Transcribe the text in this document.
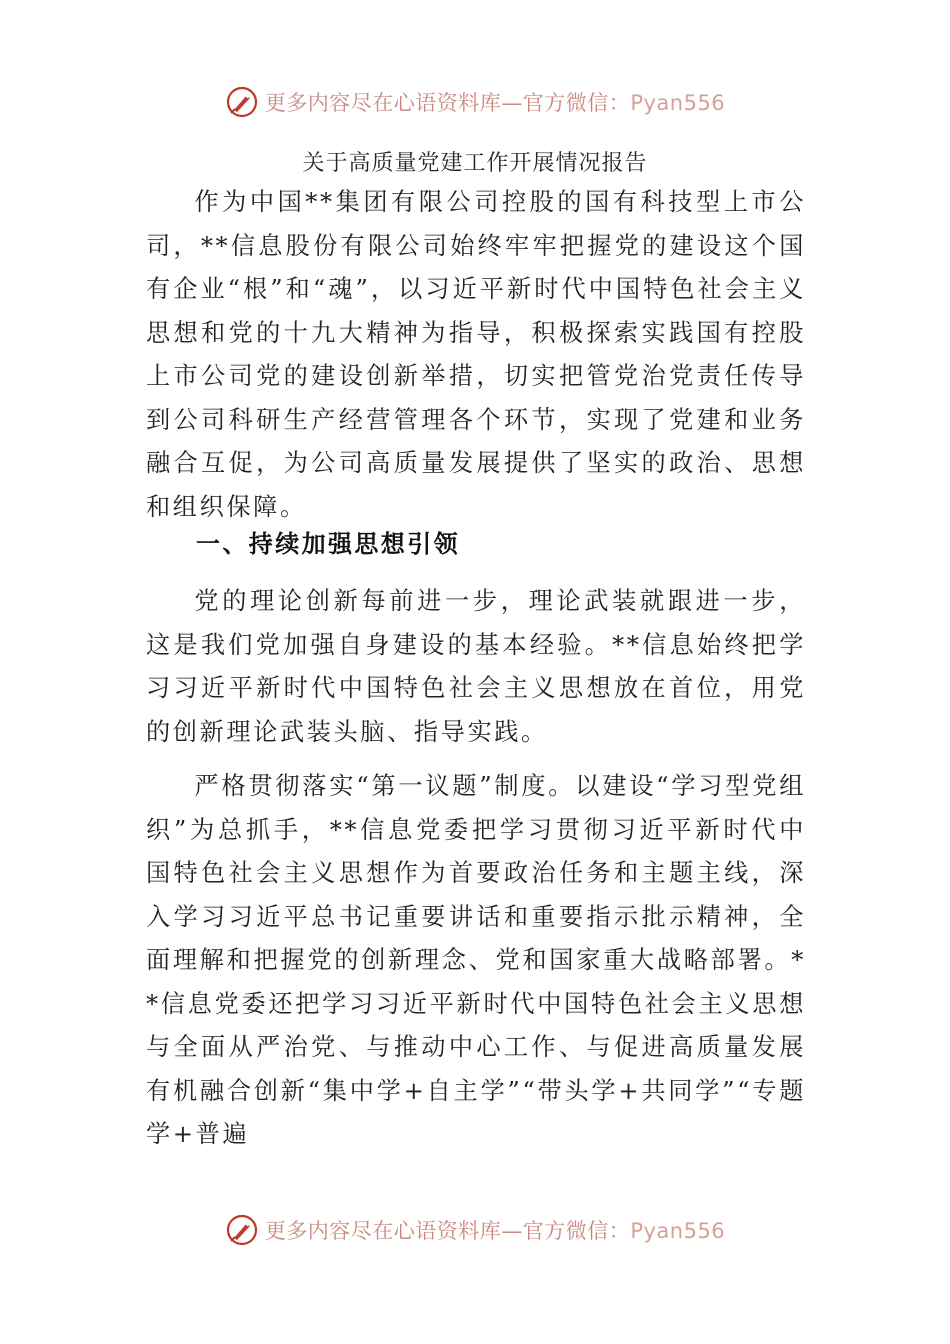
更多内容尽在心语资料库—官方微信：Pyan556
关于高质量党建工作开展情况报告

作为中国**集团有限公司控股的国有科技型上市公司，**信息股份有限公司始终牢牢把握党的建设这个国有企业“根”和“魂”，以习近平新时代中国特色社会主义思想和党的十九大精神为指导，积极探索实践国有控股上市公司党的建设创新举措，切实把管党治党责任传导到公司科研生产经营管理各个环节，实现了党建和业务融合互促，为公司高质量发展提供了坚实的政治、思想和组织保障。

一、持续加强思想引领

党的理论创新每前进一步，理论武装就跟进一步，这是我们党加强自身建设的基本经验。**信息始终把学习习近平新时代中国特色社会主义思想放在首位，用党的创新理论武装头脑、指导实践。

严格贯彻落实“第一议题”制度。以建设“学习型党组织”为总抓手，**信息党委把学习贯彻习近平新时代中国特色社会主义思想作为首要政治任务和主题主线，深入学习习近平总书记重要讲话和重要指示批示精神，全面理解和把握党的创新理念、党和国家重大战略部署。**信息党委还把学习习近平新时代中国特色社会主义思想与全面从严治党、与推动中心工作、与促进高质量发展有机融合创新“集中学+自主学”“带头学+共同学”“专题学+普遍

更多内容尽在心语资料库—官方微信：Pyan556
